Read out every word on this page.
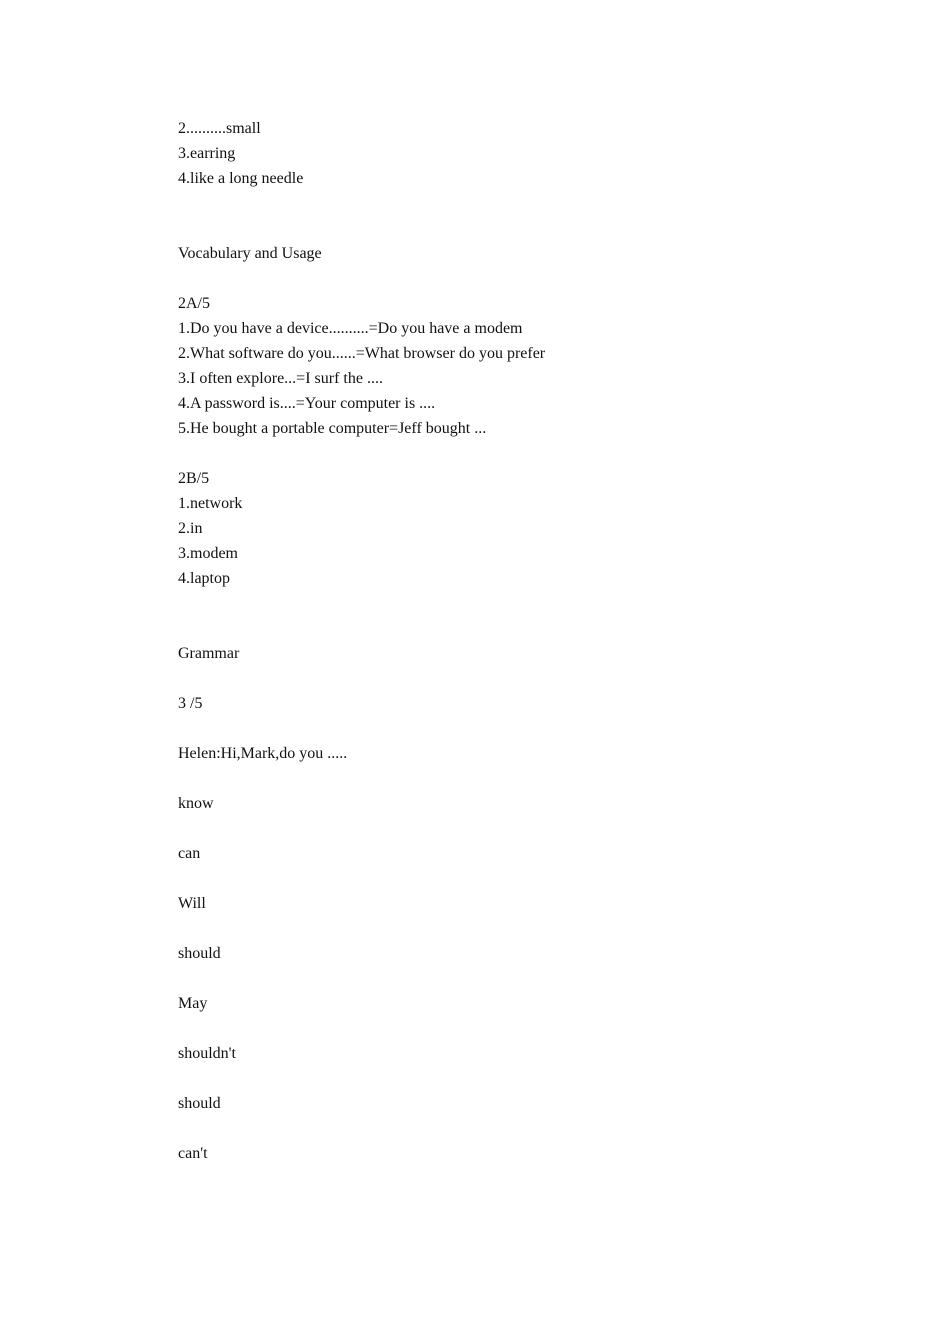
2..........small
3.earring
4.like a long needle
Vocabulary and Usage
2A/5
1.Do you have a device..........=Do you have a modem
2.What software do you......=What browser do you prefer
3.I often explore...=I surf the ....
4.A password is....=Your computer is ....
5.He bought a portable computer=Jeff bought ...
2B/5
1.network
2.in
3.modem
4.laptop
Grammar
3 /5
Helen:Hi,Mark,do you .....
know
can
Will
should
May
shouldn't
should
can't
